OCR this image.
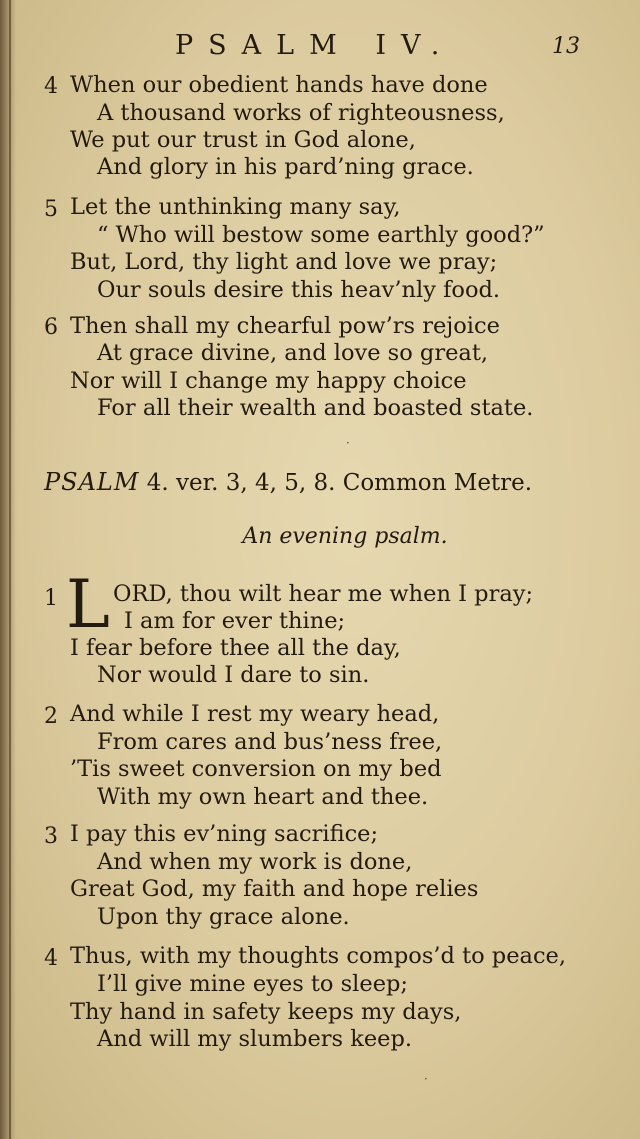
PSALM IV.	13
4 When our obedient hands have done
A thousand works of righteousness,
We put our trust in God alone,
And glory in his pard’ning grace.
5 Let the unthinking many say,
“ Who will bestow some earthly good?”
But, Lord, thy light and love we pray;
Our souls desire this heav’nly food.
6 Then shall my chearful pow’rs rejoice
At grace divine, and love so great,
Nor will I change my happy choice
For all their wealth and boasted state.
·
PSALM 4. ver. 3, 4, 5, 8. Common Metre.
An evening psalm.
1 L ORD, thou wilt hear me when I pray;
I am for ever thine;
I fear before thee all the day,
Nor would I dare to sin.
2 And while I rest my weary head,
From cares and bus’ness free,
’Tis sweet conversion on my bed
With my own heart and thee.
3 I pay this ev’ning sacrifice;
And when my work is done,
Great God, my faith and hope relies
Upon thy grace alone.
4 Thus, with my thoughts compos’d to peace,
I’ll give mine eyes to sleep;
Thy hand in safety keeps my days,
And will my slumbers keep.
·
